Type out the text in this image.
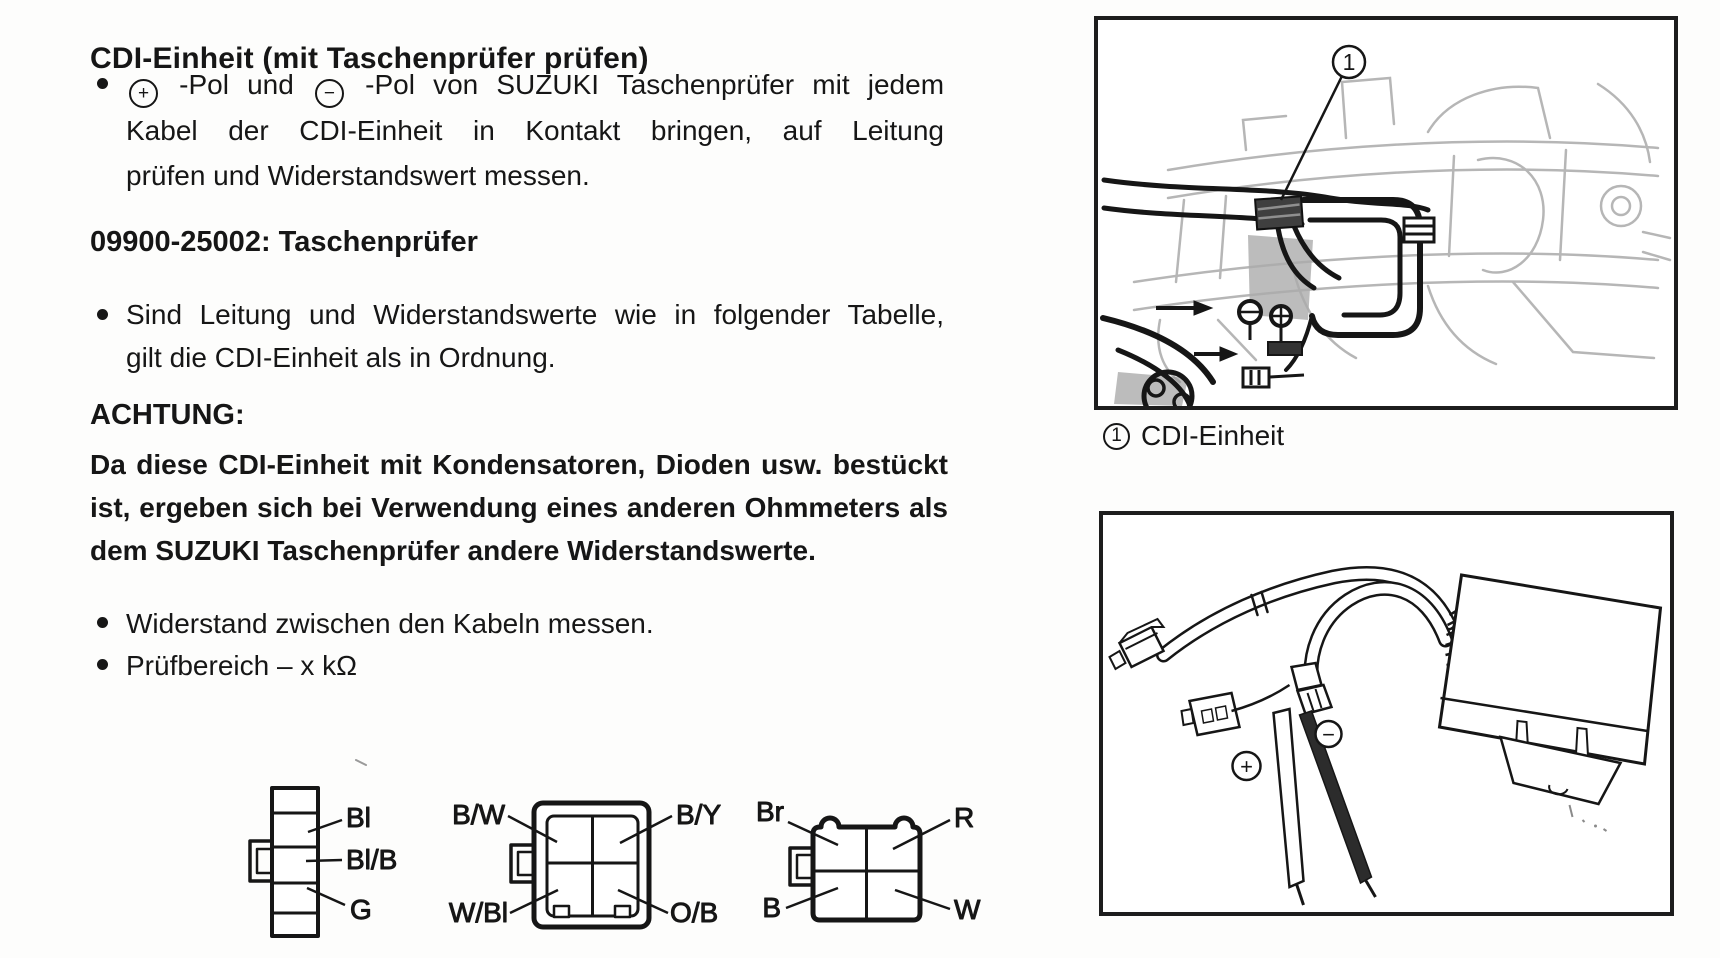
CDI-Einheit (mit Taschenprüfer prüfen)
+ -Pol und − -Pol von SUZUKI Taschenprüfer mit jedem
Kabel der CDI-Einheit in Kontakt bringen, auf Leitung
prüfen und Widerstandswert messen.
09900-25002: Taschenprüfer
Sind Leitung und Widerstandswerte wie in folgender Tabelle,
gilt die CDI-Einheit als in Ordnung.
ACHTUNG:
Da diese CDI-Einheit mit Kondensatoren, Dioden usw. bestückt
ist, ergeben sich bei Verwendung eines anderen Ohmmeters als
dem SUZUKI Taschenprüfer andere Widerstandswerte.
Widerstand zwischen den Kabeln messen.
Prüfbereich – x kΩ
Bl
Bl/B
G
B/W	B/Y
W/Bl	O/B
Br	R
B	W
1
1 CDI-Einheit
+
−
